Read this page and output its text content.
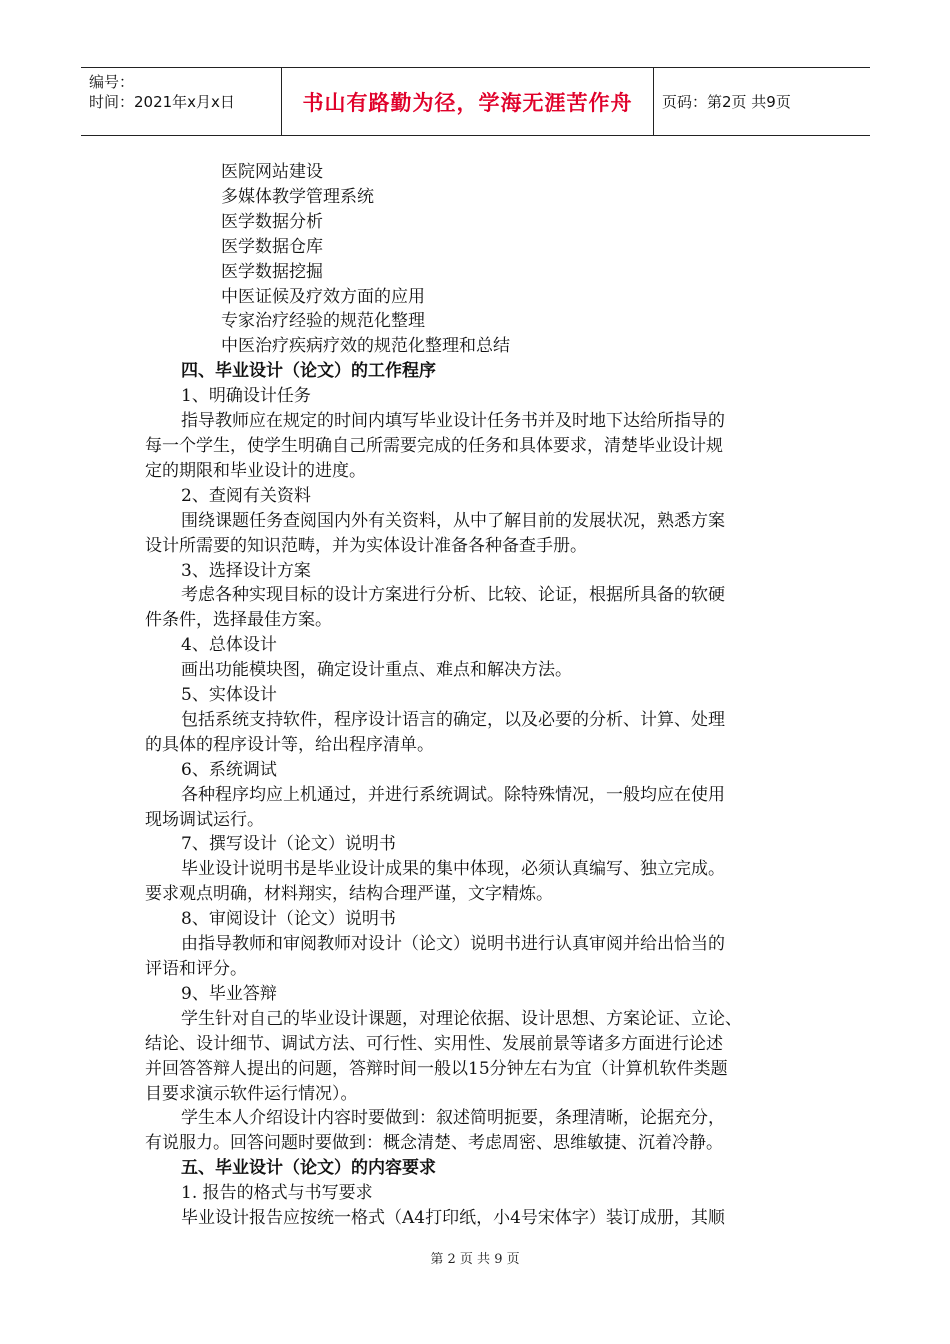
编号：
时间：2021年x月x日	书山有路勤为径，学海无涯苦作舟	页码：第2页 共9页
医院网站建设
多媒体教学管理系统
医学数据分析
医学数据仓库
医学数据挖掘
中医证候及疗效方面的应用
专家治疗经验的规范化整理
中医治疗疾病疗效的规范化整理和总结
四、毕业设计（论文）的工作程序
1、明确设计任务
指导教师应在规定的时间内填写毕业设计任务书并及时地下达给所指导的
每一个学生，使学生明确自己所需要完成的任务和具体要求，清楚毕业设计规
定的期限和毕业设计的进度。
2、查阅有关资料
围绕课题任务查阅国内外有关资料，从中了解目前的发展状况，熟悉方案
设计所需要的知识范畴，并为实体设计准备各种备查手册。
3、选择设计方案
考虑各种实现目标的设计方案进行分析、比较、论证，根据所具备的软硬
件条件，选择最佳方案。
4、总体设计
画出功能模块图，确定设计重点、难点和解决方法。
5、实体设计
包括系统支持软件，程序设计语言的确定，以及必要的分析、计算、处理
的具体的程序设计等，给出程序清单。
6、系统调试
各种程序均应上机通过，并进行系统调试。除特殊情况，一般均应在使用
现场调试运行。
7、撰写设计（论文）说明书
毕业设计说明书是毕业设计成果的集中体现，必须认真编写、独立完成。
要求观点明确，材料翔实，结构合理严谨，文字精炼。
8、审阅设计（论文）说明书
由指导教师和审阅教师对设计（论文）说明书进行认真审阅并给出恰当的
评语和评分。
9、毕业答辩
学生针对自己的毕业设计课题，对理论依据、设计思想、方案论证、立论、
结论、设计细节、调试方法、可行性、实用性、发展前景等诸多方面进行论述
并回答答辩人提出的问题，答辩时间一般以15分钟左右为宜（计算机软件类题
目要求演示软件运行情况）。
学生本人介绍设计内容时要做到：叙述简明扼要，条理清晰，论据充分，
有说服力。回答问题时要做到：概念清楚、考虑周密、思维敏捷、沉着冷静。
五、毕业设计（论文）的内容要求
1. 报告的格式与书写要求
毕业设计报告应按统一格式（A4打印纸，小4号宋体字）装订成册，其顺
第 2 页 共 9 页
